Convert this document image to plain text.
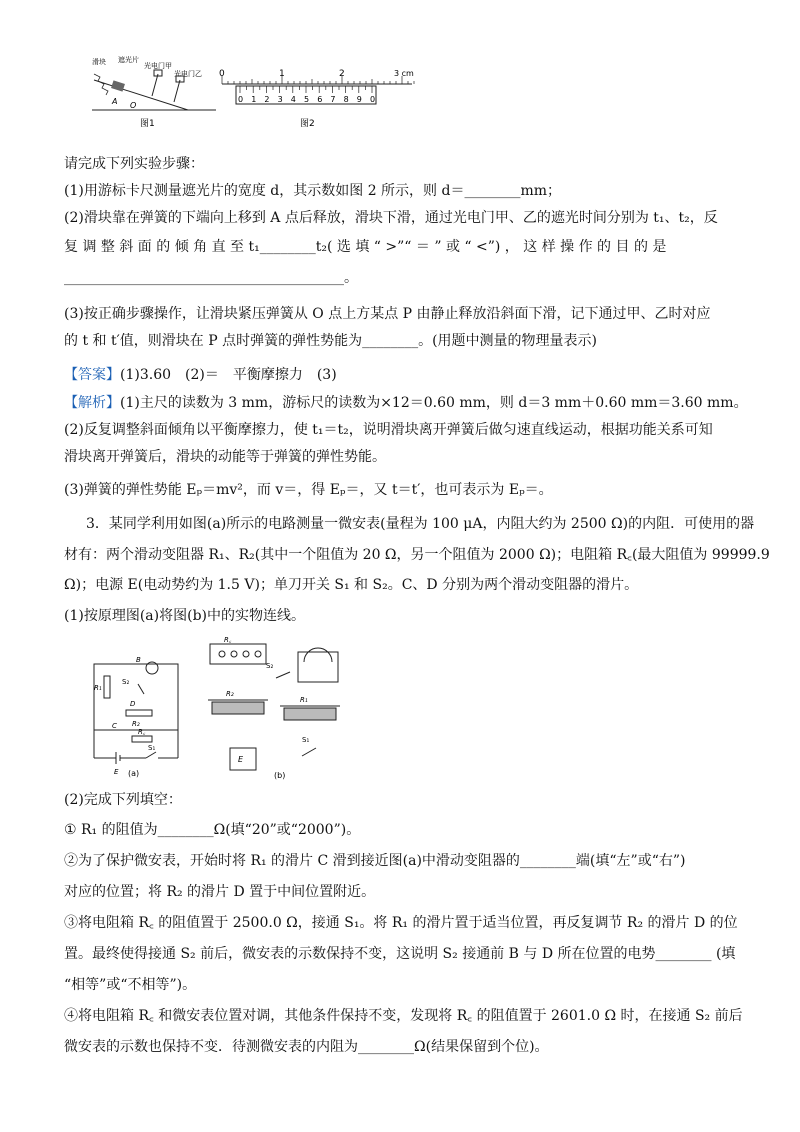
滑块 遮光片
光电门甲
光电门乙
A O
图1
0 1 2 3 4 5 6 7 8 9 0
0	1	2	3 cm
图2
请完成下列实验步骤：
(1)用游标卡尺测量遮光片的宽度 d，其示数如图 2 所示，则 d＝________mm；
(2)滑块靠在弹簧的下端向上移到 A 点后释放，滑块下滑，通过光电门甲、乙的遮光时间分别为 t₁、t₂，反
复 调 整 斜 面 的 倾 角 直 至 t₁________t₂( 选 填 “ >”“ ＝ ” 或 “ <”) ， 这 样 操 作 的 目 的 是
________________________________________。
(3)按正确步骤操作，让滑块紧压弹簧从 O 点上方某点 P 由静止释放沿斜面下滑，记下通过甲、乙时对应
的 t 和 t′值，则滑块在 P 点时弹簧的弹性势能为________。(用题中测量的物理量表示)
【答案】(1)3.60　(2)＝　平衡摩擦力　(3)
【解析】(1)主尺的读数为 3 mm，游标尺的读数为×12＝0.60 mm，则 d＝3 mm＋0.60 mm＝3.60 mm。
(2)反复调整斜面倾角以平衡摩擦力，使 t₁＝t₂，说明滑块离开弹簧后做匀速直线运动，根据功能关系可知
滑块离开弹簧后，滑块的动能等于弹簧的弹性势能。
(3)弹簧的弹性势能 Eₚ＝mv²，而 v＝，得 Eₚ＝，又 t＝t′，也可表示为 Eₚ＝。
3．某同学利用如图(a)所示的电路测量一微安表(量程为 100 μA，内阻大约为 2500 Ω)的内阻．可使用的器
材有：两个滑动变阻器 R₁、R₂(其中一个阻值为 20 Ω，另一个阻值为 2000 Ω)；电阻箱 R꜀(最大阻值为 99999.9
Ω)；电源 E(电动势约为 1.5 V)；单刀开关 S₁ 和 S₂。C、D 分别为两个滑动变阻器的滑片。
(1)按原理图(a)将图(b)中的实物连线。
R₁
B
S₂
D
R₂
C
R꜀
E
S₁
(a)
R꜀
S₂
R₂
R₁
E
S₁
(b)
(2)完成下列填空：
① R₁ 的阻值为________Ω(填“20”或“2000”)。
②为了保护微安表，开始时将 R₁ 的滑片 C 滑到接近图(a)中滑动变阻器的________端(填“左”或“右”)
对应的位置；将 R₂ 的滑片 D 置于中间位置附近。
③将电阻箱 R꜀ 的阻值置于 2500.0 Ω，接通 S₁。将 R₁ 的滑片置于适当位置，再反复调节 R₂ 的滑片 D 的位
置。最终使得接通 S₂ 前后，微安表的示数保持不变，这说明 S₂ 接通前 B 与 D 所在位置的电势________ (填
“相等”或“不相等”)。
④将电阻箱 R꜀ 和微安表位置对调，其他条件保持不变，发现将 R꜀ 的阻值置于 2601.0 Ω 时，在接通 S₂ 前后
微安表的示数也保持不变．待测微安表的内阻为________Ω(结果保留到个位)。
